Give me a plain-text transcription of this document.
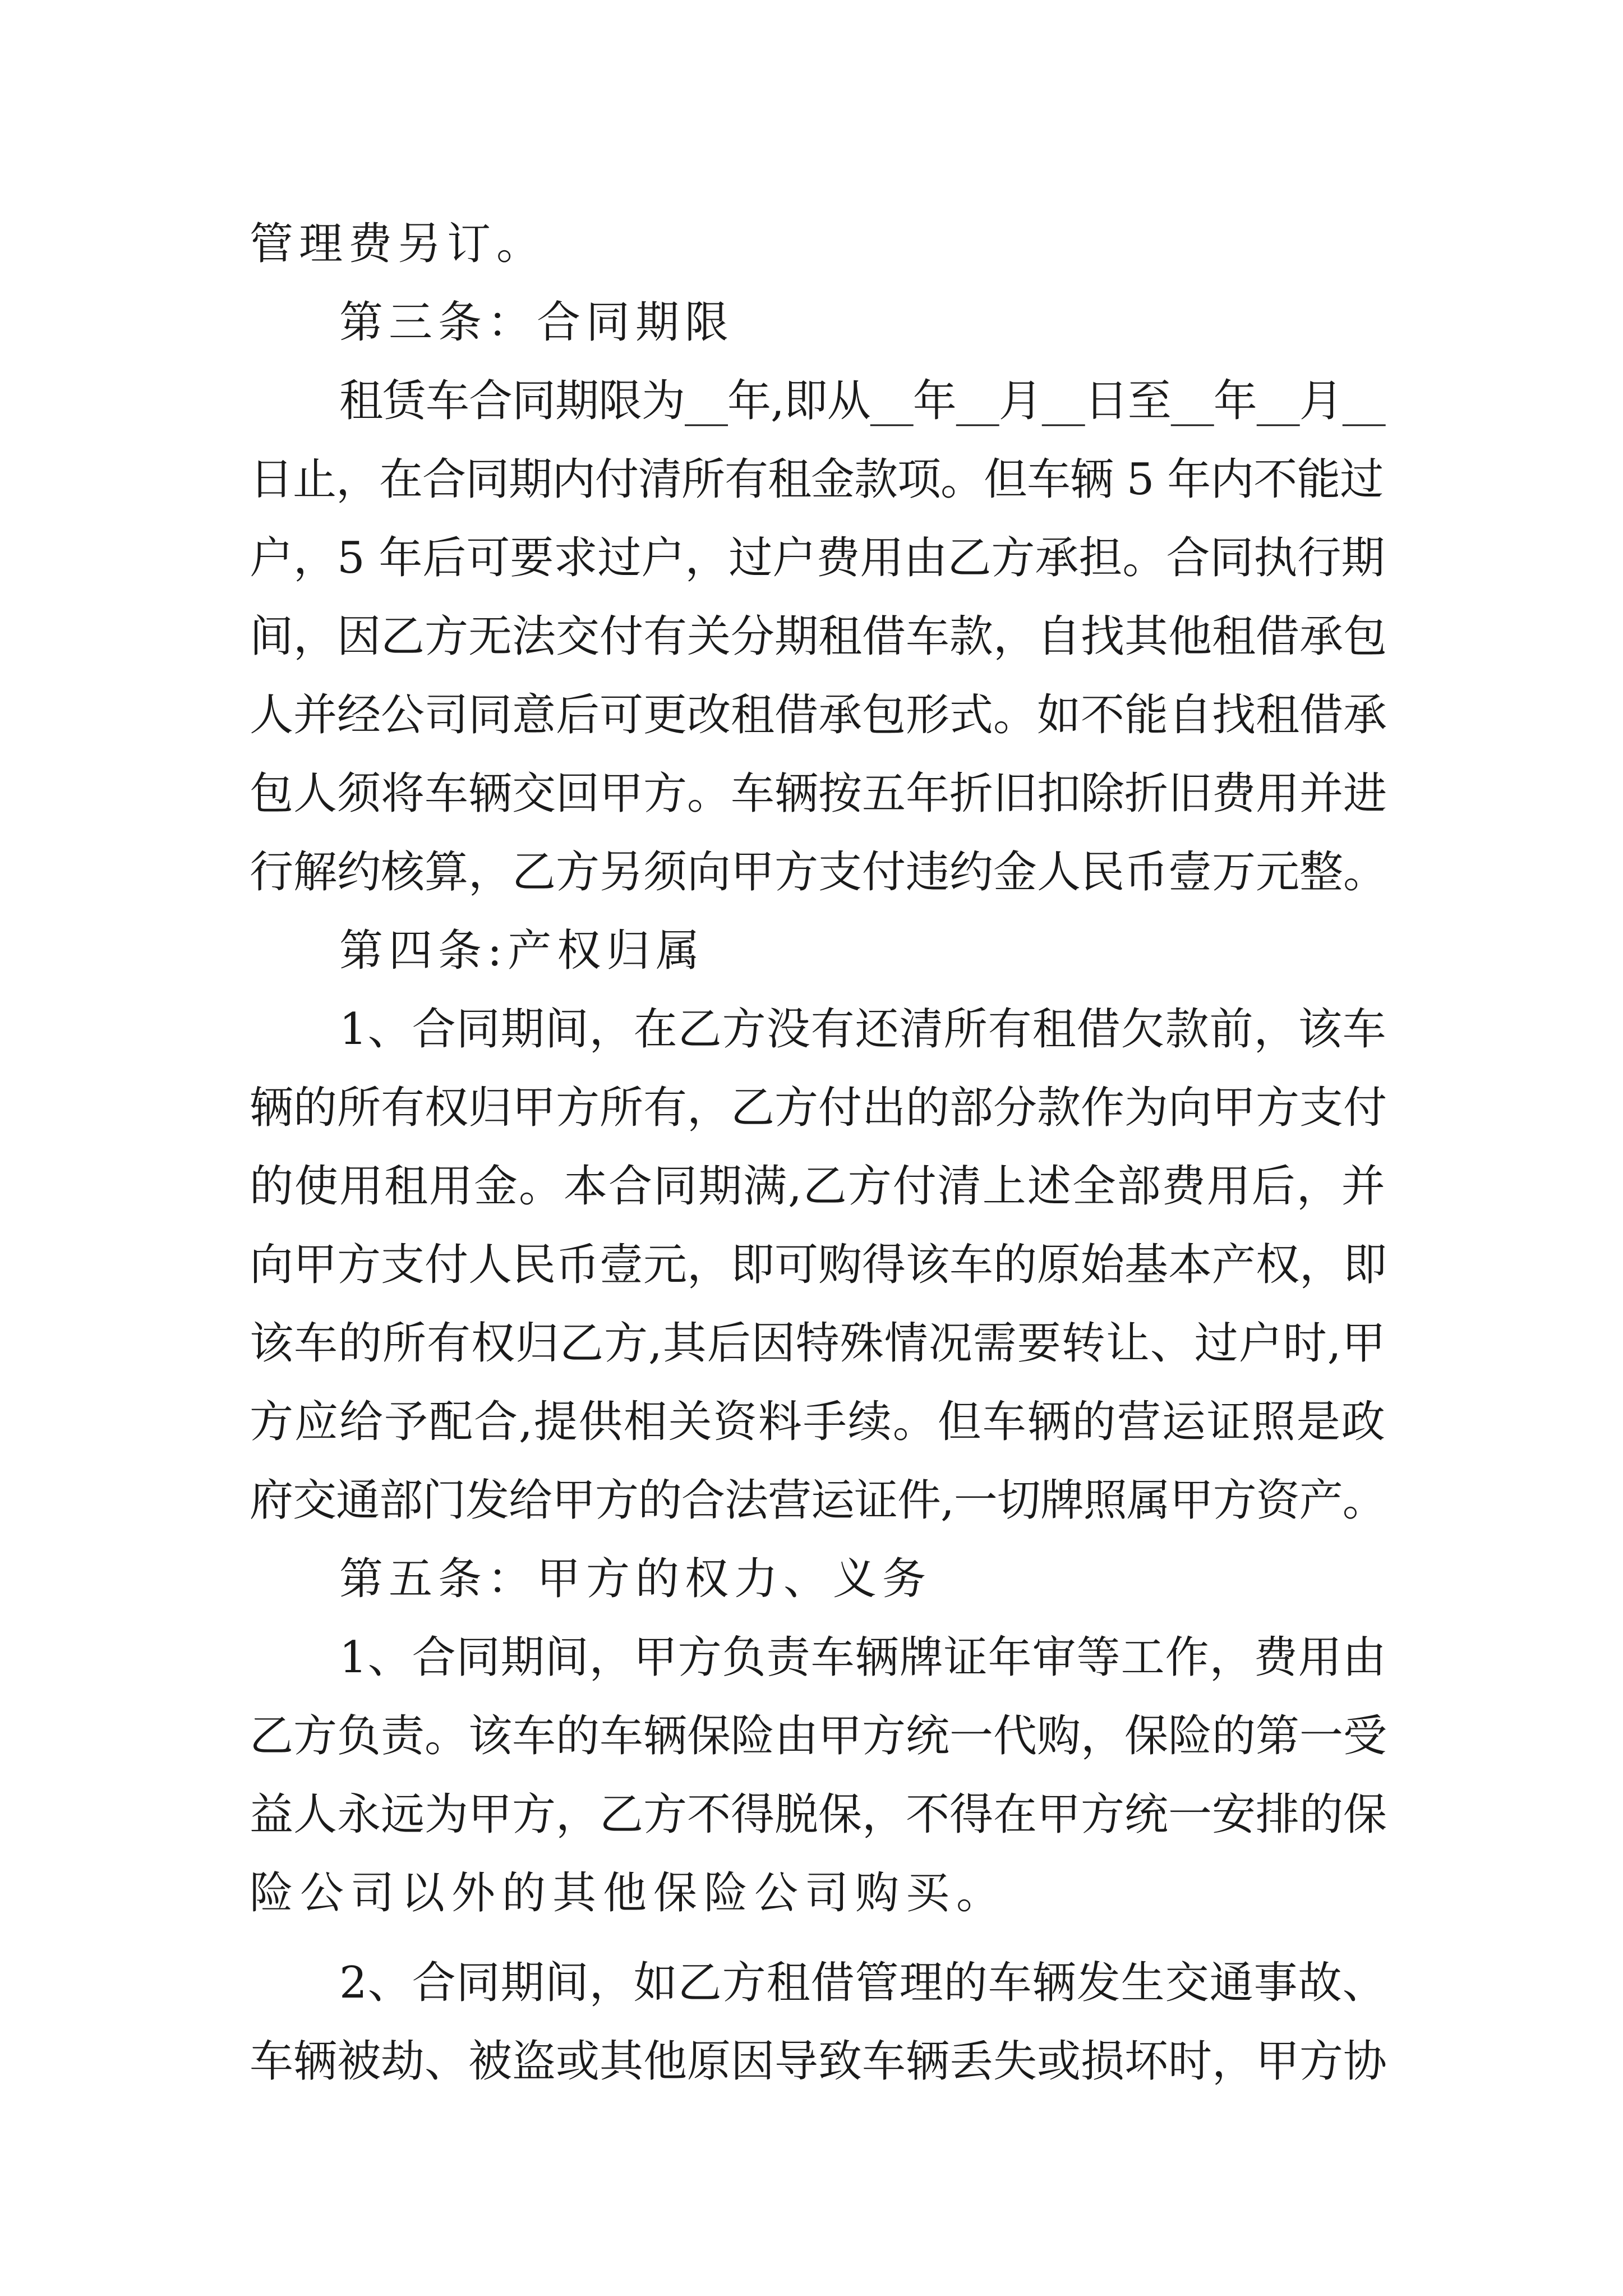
管理费另订。
第三条：合同期限
租赁车合同期限为__年,即从__年__月__日至__年__月__
日止，在合同期内付清所有租金款项。但车辆 5 年内不能过
户，5 年后可要求过户，过户费用由乙方承担。合同执行期
间，因乙方无法交付有关分期租借车款，自找其他租借承包
人并经公司同意后可更改租借承包形式。如不能自找租借承
包人须将车辆交回甲方。车辆按五年折旧扣除折旧费用并进
行解约核算，乙方另须向甲方支付违约金人民币壹万元整。
第四条:产权归属
1、合同期间，在乙方没有还清所有租借欠款前，该车
辆的所有权归甲方所有，乙方付出的部分款作为向甲方支付
的使用租用金。本合同期满,乙方付清上述全部费用后，并
向甲方支付人民币壹元，即可购得该车的原始基本产权，即
该车的所有权归乙方,其后因特殊情况需要转让、过户时,甲
方应给予配合,提供相关资料手续。但车辆的营运证照是政
府交通部门发给甲方的合法营运证件,一切牌照属甲方资产。
第五条：甲方的权力、义务
1、合同期间，甲方负责车辆牌证年审等工作，费用由
乙方负责。该车的车辆保险由甲方统一代购，保险的第一受
益人永远为甲方，乙方不得脱保，不得在甲方统一安排的保
险公司以外的其他保险公司购买。
2、合同期间，如乙方租借管理的车辆发生交通事故、
车辆被劫、被盗或其他原因导致车辆丢失或损坏时，甲方协
